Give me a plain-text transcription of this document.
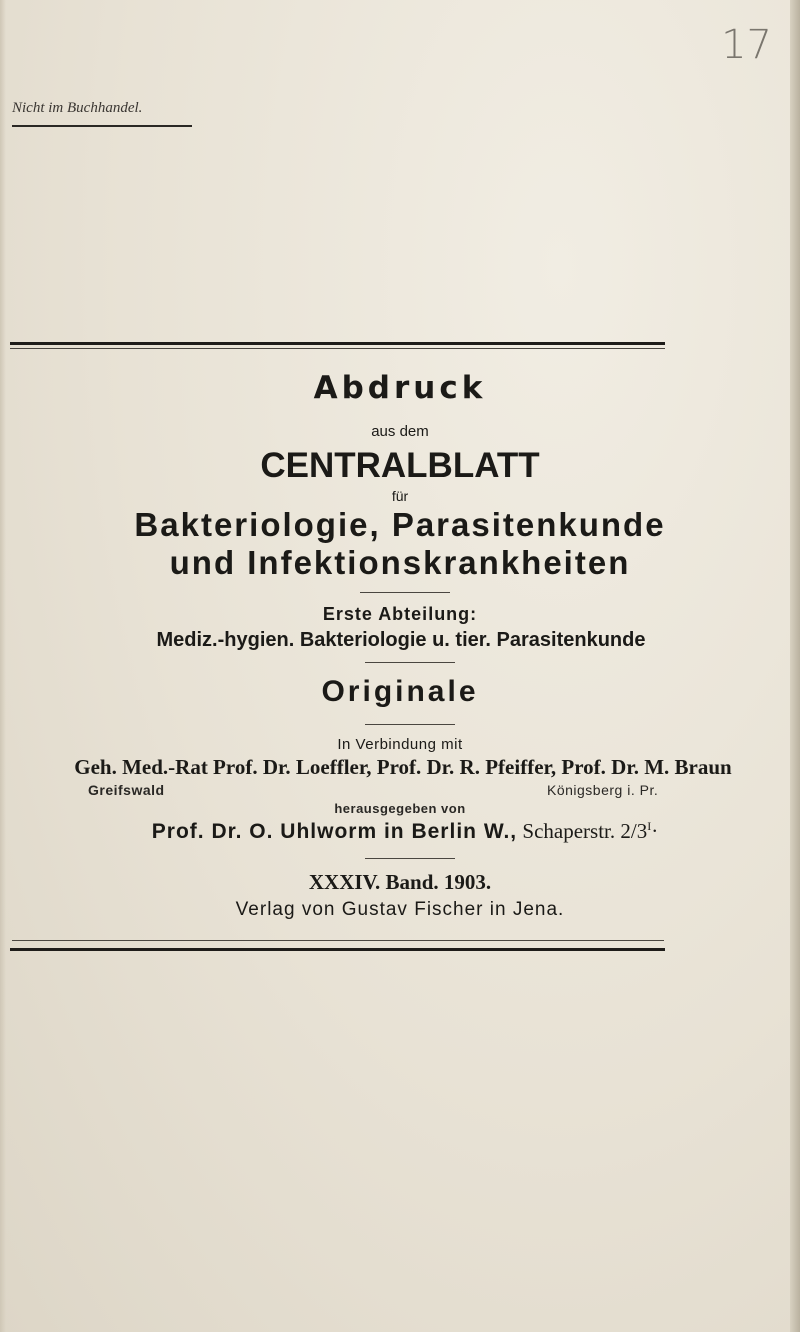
17
Nicht im Buchhandel.
Abdruck
aus dem
CENTRALBLATT
für
Bakteriologie, Parasitenkunde
und Infektionskrankheiten
Erste Abteilung:
Mediz.-hygien. Bakteriologie u. tier. Parasitenkunde
Originale
In Verbindung mit
Geh. Med.-Rat Prof. Dr. Loeffler, Prof. Dr. R. Pfeiffer, Prof. Dr. M. Braun
Greifswald	Königsberg i. Pr.
herausgegeben von
Prof. Dr. O. Uhlworm in Berlin W., Schaperstr. $2/3^I\cdot$
XXXIV. Band. 1903.
Verlag von Gustav Fischer in Jena.
